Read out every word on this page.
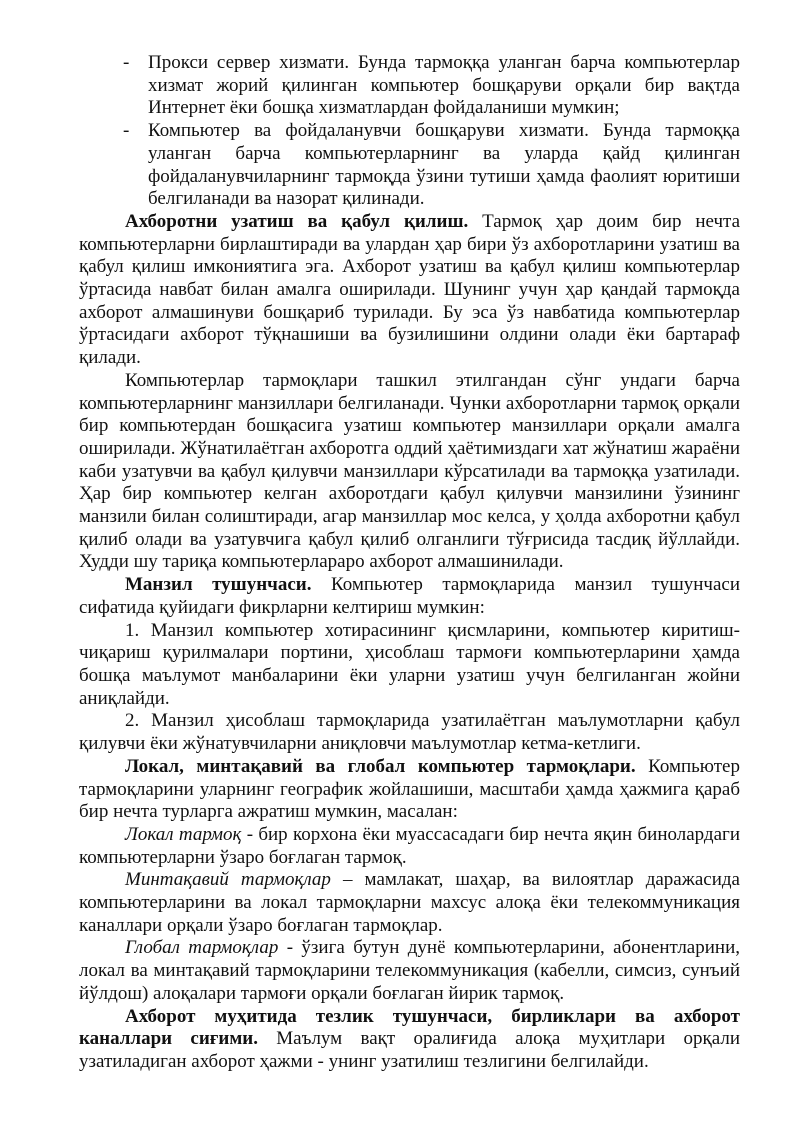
- Прокси сервер хизмати. Бунда тармоққа уланган барча компьютерлар хизмат жорий қилинган компьютер бошқаруви орқали бир вақтда Интернет ёки бошқа хизматлардан фойдаланиши мумкин;

- Компьютер ва фойдаланувчи бошқаруви хизмати. Бунда тармоққа уланган барча компьютерларнинг ва уларда қайд қилинган фойдаланувчиларнинг тармоқда ўзини тутиши ҳамда фаолият юритиши белгиланади ва назорат қилинади.

Ахборотни узатиш ва қабул қилиш. Тармоқ ҳар доим бир нечта компьютерларни бирлаштиради ва улардан ҳар бири ўз ахборотларини узатиш ва қабул қилиш имкониятига эга. Ахборот узатиш ва қабул қилиш компьютерлар ўртасида навбат билан амалга оширилади. Шунинг учун ҳар қандай тармоқда ахборот алмашинуви бошқариб турилади. Бу эса ўз навбатида компьютерлар ўртасидаги ахборот тўқнашиши ва бузилишини олдини олади ёки бартараф қилади.

Компьютерлар тармоқлари ташкил этилгандан сўнг ундаги барча компьютерларнинг манзиллари белгиланади. Чунки ахборотларни тармоқ орқали бир компьютердан бошқасига узатиш компьютер манзиллари орқали амалга оширилади. Жўнатилаётган ахборотга оддий ҳаётимиздаги хат жўнатиш жараёни каби узатувчи ва қабул қилувчи манзиллари кўрсатилади ва тармоққа узатилади. Ҳар бир компьютер келган ахборотдаги қабул қилувчи манзилини ўзининг манзили билан солиштиради, агар манзиллар мос келса, у ҳолда ахборотни қабул қилиб олади ва узатувчига қабул қилиб олганлиги тўғрисида тасдиқ йўллайди. Худди шу тариқа компьютерлараро ахборот алмашинилади.

Манзил тушунчаси. Компьютер тармоқларида манзил тушунчаси сифатида қуйидаги фикрларни келтириш мумкин:

1. Манзил компьютер хотирасининг қисмларини, компьютер киритиш-чиқариш қурилмалари портини, ҳисоблаш тармоғи компьютерларини ҳамда бошқа маълумот манбаларини ёки уларни узатиш учун белгиланган жойни аниқлайди.

2. Манзил ҳисоблаш тармоқларида узатилаётган маълумотларни қабул қилувчи ёки жўнатувчиларни аниқловчи маълумотлар кетма-кетлиги.

Локал, минтақавий ва глобал компьютер тармоқлари. Компьютер тармоқларини уларнинг географик жойлашиши, масштаби ҳамда ҳажмига қараб бир нечта турларга ажратиш мумкин, масалан:

Локал тармоқ - бир корхона ёки муассасадаги бир нечта яқин бинолардаги компьютерларни ўзаро боғлаган тармоқ.

Минтақавий тармоқлар – мамлакат, шаҳар, ва вилоятлар даражасида компьютерларини ва локал тармоқларни махсус алоқа ёки телекоммуникация каналлари орқали ўзаро боғлаган тармоқлар.

Глобал тармоқлар - ўзига бутун дунё компьютерларини, абонентларини, локал ва минтақавий тармоқларини телекоммуникация (кабелли, симсиз, сунъий йўлдош) алоқалари тармоғи орқали боғлаган йирик тармоқ.

Ахборот муҳитида тезлик тушунчаси, бирликлари ва ахборот каналлари сиғими. Маълум вақт оралиғида алоқа муҳитлари орқали узатиладиган ахборот ҳажми - унинг узатилиш тезлигини белгилайди.
